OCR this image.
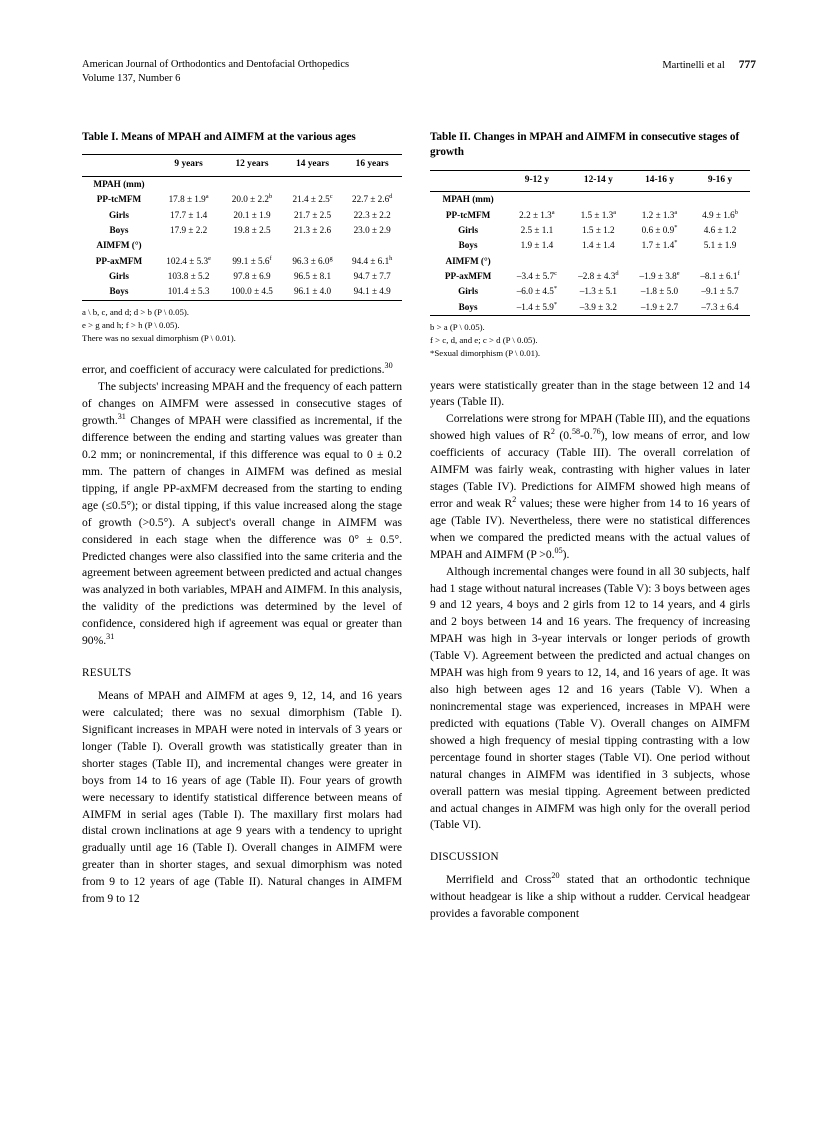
American Journal of Orthodontics and Dentofacial Orthopedics
Volume 137, Number 6
Martinelli et al 777
Table I. Means of MPAH and AIMFM at the various ages
	9 years	12 years	14 years	16 years
MPAH (mm)				
PP-tcMFM	17.8 ± 1.9$^a$	20.0 ± 2.2$^b$	21.4 ± 2.5$^c$	22.7 ± 2.6$^d$
Girls	17.7 ± 1.4	20.1 ± 1.9	21.7 ± 2.5	22.3 ± 2.2
Boys	17.9 ± 2.2	19.8 ± 2.5	21.3 ± 2.6	23.0 ± 2.9
AIMFM (°)				
PP-axMFM	102.4 ± 5.3$^e$	99.1 ± 5.6$^f$	96.3 ± 6.0$^g$	94.4 ± 6.1$^h$
Girls	103.8 ± 5.2	97.8 ± 6.9	96.5 ± 8.1	94.7 ± 7.7
Boys	101.4 ± 5.3	100.0 ± 4.5	96.1 ± 4.0	94.1 ± 4.9
a \ b, c, and d; d > b (P \ 0.05).
e > g and h; f > h (P \ 0.05).
There was no sexual dimorphism (P \ 0.01).

error, and coefficient of accuracy were calculated for predictions.$^{30}$

The subjects' increasing MPAH and the frequency of each pattern of changes on AIMFM were assessed in consecutive stages of growth.$^{31}$ Changes of MPAH were classified as incremental, if the difference between the ending and starting values was greater than 0.2 mm; or nonincremental, if this difference was equal to 0 ± 0.2 mm. The pattern of changes in AIMFM was defined as mesial tipping, if angle PP-axMFM decreased from the starting to ending age (≤0.5°); or distal tipping, if this value increased along the stage of growth (>0.5°). A subject's overall change in AIMFM was considered in each stage when the difference was 0° ± 0.5°. Predicted changes were also classified into the same criteria and the agreement between agreement between predicted and actual changes was analyzed in both variables, MPAH and AIMFM. In this analysis, the validity of the predictions was determined by the level of confidence, considered high if agreement was equal or greater than 90%.$^{31}$

RESULTS

Means of MPAH and AIMFM at ages 9, 12, 14, and 16 years were calculated; there was no sexual dimorphism (Table I). Significant increases in MPAH were noted in intervals of 3 years or longer (Table I). Overall growth was statistically greater than in shorter stages (Table II), and incremental changes were greater in boys from 14 to 16 years of age (Table II). Four years of growth were necessary to identify statistical difference between means of AIMFM in serial ages (Table I). The maxillary first molars had distal crown inclinations at age 9 years with a tendency to upright gradually until age 16 (Table I). Overall changes in AIMFM were greater than in shorter stages, and sexual dimorphism was noted from 9 to 12 years of age (Table II). Natural changes in AIMFM from 9 to 12

Table II. Changes in MPAH and AIMFM in consecutive stages of growth
	9-12 y	12-14 y	14-16 y	9-16 y
MPAH (mm)				
PP-tcMFM	2.2 ± 1.3$^a$	1.5 ± 1.3$^a$	1.2 ± 1.3$^a$	4.9 ± 1.6$^b$
Girls	2.5 ± 1.1	1.5 ± 1.2	0.6 ± 0.9*	4.6 ± 1.2
Boys	1.9 ± 1.4	1.4 ± 1.4	1.7 ± 1.4*	5.1 ± 1.9
AIMFM (°)				
PP-axMFM	–3.4 ± 5.7$^c$	–2.8 ± 4.3$^d$	–1.9 ± 3.8$^e$	–8.1 ± 6.1$^f$
Girls	–6.0 ± 4.5*	–1.3 ± 5.1	–1.8 ± 5.0	–9.1 ± 5.7
Boys	–1.4 ± 5.9*	–3.9 ± 3.2	–1.9 ± 2.7	–7.3 ± 6.4
b > a (P \ 0.05).
f > c, d, and e; c > d (P \ 0.05).
*Sexual dimorphism (P \ 0.01).

years were statistically greater than in the stage between 12 and 14 years (Table II).

Correlations were strong for MPAH (Table III), and the equations showed high values of $R^2$ (0.58-0.76), low means of error, and low coefficients of accuracy (Table III). The overall correlation of AIMFM was fairly weak, contrasting with higher values in later stages (Table IV). Predictions for AIMFM showed high means of error and weak $R^2$ values; these were higher from 14 to 16 years of age (Table IV). Nevertheless, there were no statistical differences when we compared the predicted means with the actual values of MPAH and AIMFM (P >0.05).

Although incremental changes were found in all 30 subjects, half had 1 stage without natural increases (Table V): 3 boys between ages 9 and 12 years, 4 boys and 2 girls from 12 to 14 years, and 4 girls and 2 boys between 14 and 16 years. The frequency of increasing MPAH was high in 3-year intervals or longer periods of growth (Table V). Agreement between the predicted and actual changes on MPAH was high from 9 years to 12, 14, and 16 years of age. It was also high between ages 12 and 16 years (Table V). When a nonincremental stage was experienced, increases in MPAH were predicted with equations (Table V). Overall changes on AIMFM showed a high frequency of mesial tipping contrasting with a low percentage found in shorter stages (Table VI). One period without natural changes in AIMFM was identified in 3 subjects, whose overall pattern was mesial tipping. Agreement between predicted and actual changes in AIMFM was high only for the overall period (Table VI).

DISCUSSION

Merrifield and Cross$^{20}$ stated that an orthodontic technique without headgear is like a ship without a rudder. Cervical headgear provides a favorable component
